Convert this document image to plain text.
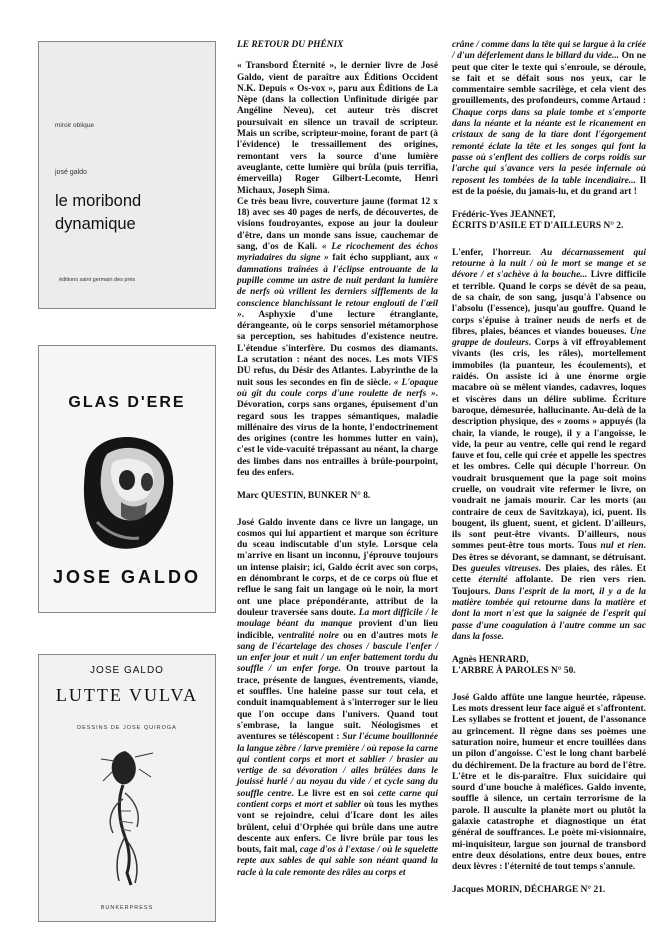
miroir oblique
josé galdo
le moribond
dynamique
éditions saint germain des prés
GLAS D'ERE
JOSE GALDO
JOSE GALDO
LUTTE VULVA
DESSINS DE JOSE QUIROGA
BUNKERPRESS

LE RETOUR DU PHÉNIX

« Transbord Éternité », le dernier livre de José Galdo, vient de paraître aux Éditions Occident N.K. Depuis « Os-vox », paru aux Éditions de La Nèpe (dans la collection Unfinitude dirigée par Angéline Neveu), cet auteur très discret poursuivait en silence un travail de scripteur. Mais un scribe, scripteur-moine, forant de part (à l'évidence) le tressaillement des origines, remontant vers la source d'une lumière aveuglante, cette lumière qui brûla (puis terrifia, émerveilla) Roger Gilbert-Lecomte, Henri Michaux, Joseph Sima.

Ce très beau livre, couverture jaune (format 12 x 18) avec ses 40 pages de nerfs, de découvertes, de visions foudroyantes, expose au jour la douleur d'être, dans un monde sans issue, cauchemar de sang, d'os de Kali. « Le ricochement des échos myriadaires du signe » fait écho suppliant, aux « damnations traînées à l'éclipse entrouante de la pupille comme un astre de nuit perdant la lumière de nerfs où vrillent les derniers sifflements de la conscience blanchissant le retour englouti de l'œil ». Asphyxie d'une lecture étranglante, dérangeante, où le corps sensoriel métamorphose sa perception, ses habitudes d'existence neutre. L'étendue s'interfère. Du cosmos des diamants. La scrutation : néant des noces. Les mots VIFS DU refus, du Désir des Atlantes. Labyrinthe de la nuit sous les secondes en fin de siècle. « L'opaque où gît du coule corps d'une roulette de nerfs ». Dévoration, corps sans organes, épuisement d'un regard sous les trappes sémantiques, maladie millénaire des virus de la honte, l'endoctrinement des origines (contre les hommes lutter en vain), c'est le vide-vacuité trépassant au néant, la charge des limbes dans nos entrailles à brûle-pourpoint, feu des enfers.

Marc QUESTIN, BUNKER N° 8.

José Galdo invente dans ce livre un langage, un cosmos qui lui appartient et marque son écriture du sceau indiscutable d'un style. Lorsque cela m'arrive en lisant un inconnu, j'éprouve toujours un intense plaisir; ici, Galdo écrit avec son corps, en dénombrant le corps, et de ce corps où flue et reflue le sang fait un langage où le noir, la mort ont une place prépondérante, attribut de la douleur traversée sans doute. La mort difficile / le moulage béant du manque provient d'un lieu indicible, ventralité noire ou en d'autres mots le sang de l'écartelage des choses / bascule l'enfer / un enfer jour et nuit / un enfer battement tordu du souffle / un enfer forge. On trouve partout la trace, présente de langues, éventrements, viande, et souffles. Une haleine passe sur tout cela, et conduit inamquablement à s'interroger sur le lieu que l'on occupe dans l'univers. Quand tout s'embrase, la langue suit. Néologismes et aventures se téléscopent : Sur l'écume bouillonnée la langue zèbre / larve première / où repose la carne qui contient corps et mort et sablier / brasier au vertige de sa dévoration / ailes brûlées dans le jouissé hurlé / au noyau du vide / et cycle sang du souffle centre. Le livre est en soi cette carne qui contient corps et mort et sablier où tous les mythes vont se rejoindre, celui d'Icare dont les ailes brûlent, celui d'Orphée qui brûle dans une autre descente aux enfers. Ce livre brûle par tous les bouts, fait mal, cage d'os à l'extase / où le squelette repte aux sables de qui sable son néant quand la racle à la cale remonte des râles au corps et

crâne / comme dans la tête qui se largue à la criée / d'un déferlement dans le billard du vide... On ne peut que citer le texte qui s'enroule, se déroule, se fait et se défait sous nos yeux, car le commentaire semble sacrilège, et cela vient des grouillements, des profondeurs, comme Artaud : Chaque corps dans sa plaie tombe et s'emporte dans la néante et la néante est le ricanement en cristaux de sang de la tiare dont l'égorgement remonté éclate la tête et les songes qui font la passe où s'enflent des colliers de corps roidis sur l'arche qui s'avance vers la pesée infernale où reposent les tombées de la table incendiaire... Il est de la poésie, du jamais-lu, et du grand art !

Frédéric-Yves JEANNET,
ÉCRITS D'ASILE ET D'AILLEURS N° 2.

L'enfer, l'horreur. Au décarnassement qui retourne à la nuit / où le mort se mange et se dévore / et s'achève à la bouche... Livre difficile et terrible. Quand le corps se dévêt de sa peau, de sa chair, de son sang, jusqu'à l'absence ou l'absolu (l'essence), jusqu'au gouffre. Quand le corps s'épuise à traîner neuds de nerfs et de fibres, plaies, béances et viandes boueuses. Une grappe de douleurs. Corps à vif effroyablement vivants (les cris, les râles), mortellement immobiles (la puanteur, les écoulements), et raidés. On assiste ici à une énorme orgie macabre où se mêlent viandes, cadavres, loques et viscères dans un délire sublime. Écriture baroque, démesurée, hallucinante. Au-delà de la description physique, des « zooms » appuyés (la chair, la viande, le rouge), il y a l'angoisse, le vide, la peur au ventre, celle qui rend le regard fauve et fou, celle qui crée et appelle les spectres et les ombres. Celle qui décuple l'horreur. On voudrait brusquement que la page soit moins cruelle, on voudrait vite refermer le livre, on voudrait ne jamais mourir. Car les morts (au contraire de ceux de Savitzkaya), ici, puent. Ils bougent, ils gluent, suent, et giclent. D'ailleurs, ils sont peut-être vivants. D'ailleurs, nous sommes peut-être tous morts. Tous nul et rien. Des êtres se dévorant, se damnant, se détruisant. Des gueules vitreuses. Des plaies, des râles. Et cette éternité affolante. De rien vers rien. Toujours. Dans l'esprit de la mort, il y a de la matière tombée qui retourne dans la matière et dont la mort n'est que la saignée de l'esprit qui passe d'une coagulation à l'autre comme un sac dans la fosse.

Agnès HENRARD,
L'ARBRE À PAROLES N° 50.

José Galdo affûte une langue heurtée, râpeuse. Les mots dressent leur face aiguë et s'affrontent. Les syllabes se frottent et jouent, de l'assonance au grincement. Il règne dans ses poèmes une saturation noire, humeur et encre touillées dans un pilon d'angoisse. C'est le long chant barbelé du déchirement. De la fracture au bord de l'être. L'être et le dis-paraître. Flux suicidaire qui sourd d'une bouche à maléfices. Galdo invente, souffle à silence, un certain terrorisme de la parole. Il ausculte la planète mort ou plutôt la galaxie catastrophe et diagnostique un état général de souffrances. Le poète mi-visionnaire, mi-inquisiteur, largue son journal de transbord entre deux désolations, entre deux boues, entre deux lèvres : l'éternité de tout temps s'annule.

Jacques MORIN, DÉCHARGE N° 21.
